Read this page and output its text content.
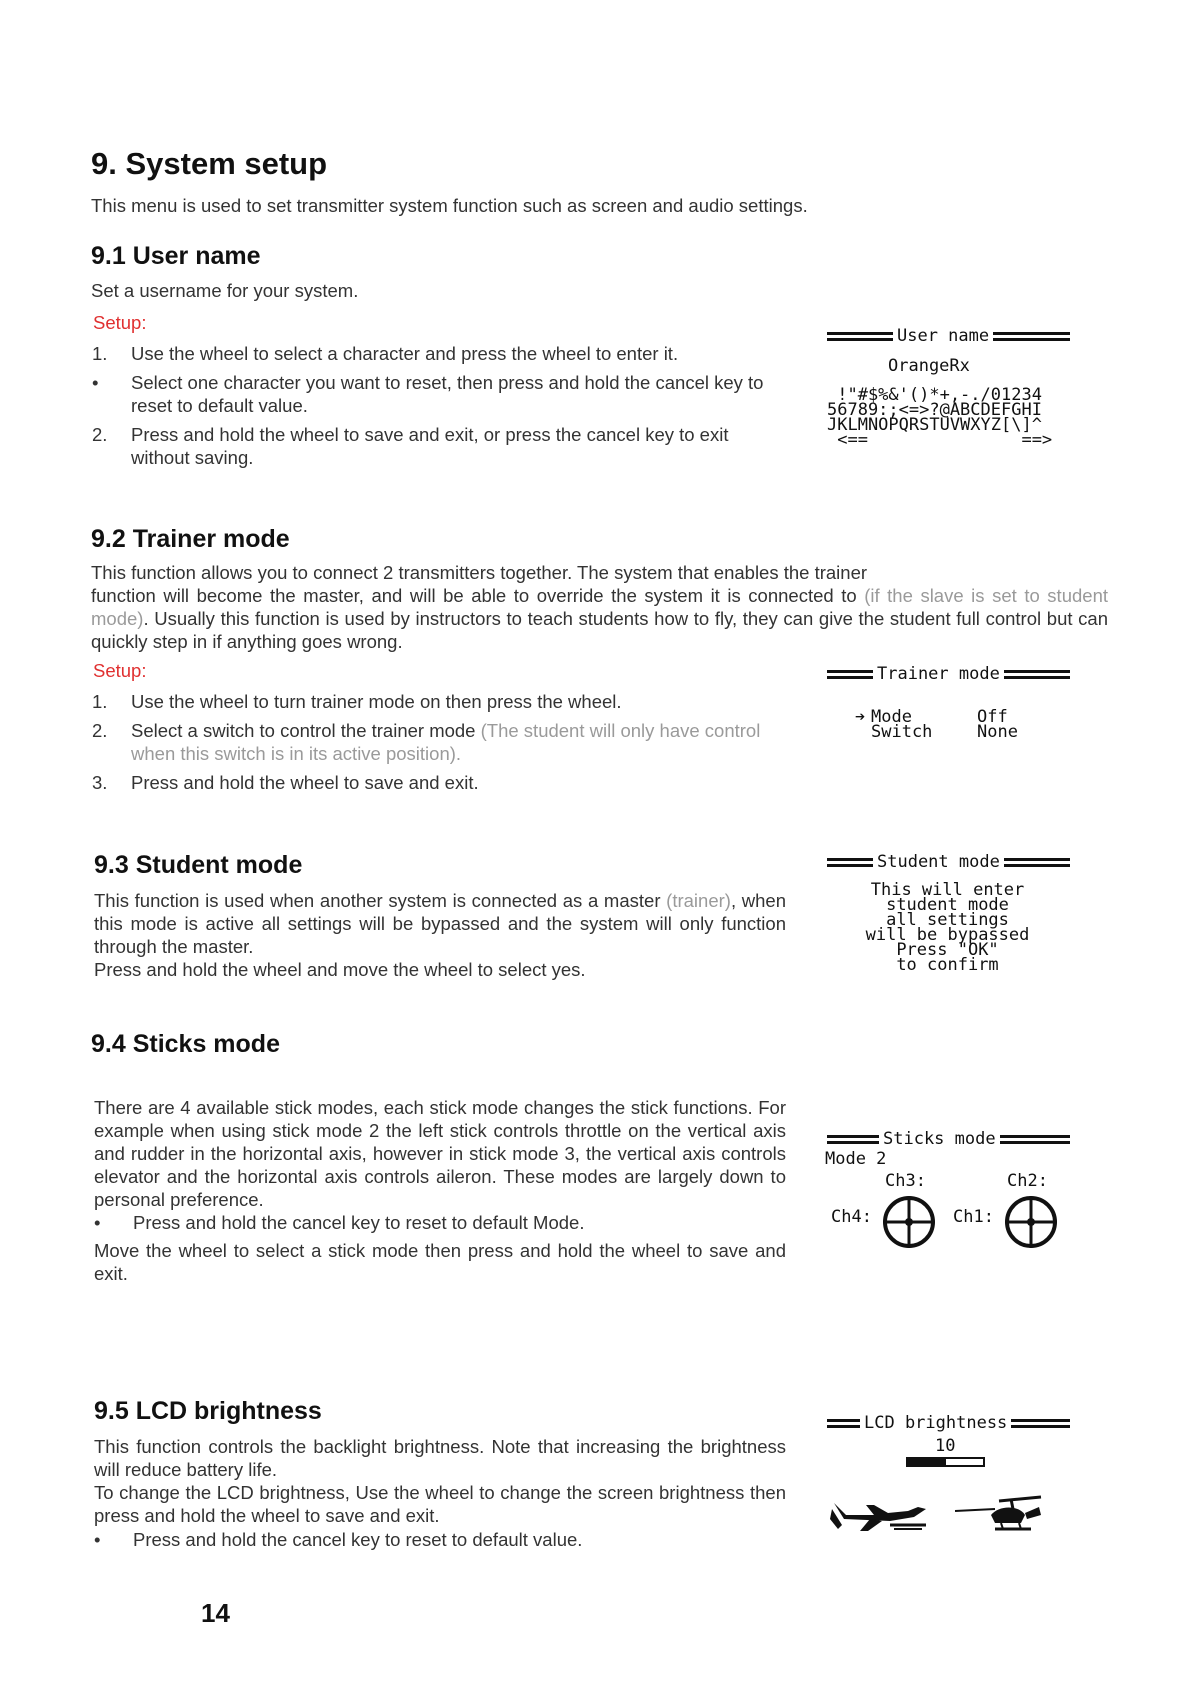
9. System setup
This menu is used to set transmitter system function such as screen and audio settings.
9.1 User name
Set a username for your system.
Setup:
1. Use the wheel to select a character and press the wheel to enter it.
• Select one character you want to reset, then press and hold the cancel key to reset to default value.
2. Press and hold the wheel to save and exit, or press the cancel key to exit without saving.
User name
OrangeRx
!"#$%&'()*+,-./01234
56789:;<=>?@ABCDEFGHI
JKLMNOPQRSTUVWXYZ[\]^
<==               ==>
9.2 Trainer mode
This function allows you to connect 2 transmitters together. The system that enables the trainer
function will become the master, and will be able to override the system it is connected to (if the slave is set to student mode). Usually this function is used by instructors to teach students how to fly, they can give the student full control but can quickly step in if anything goes wrong.
Setup:
1. Use the wheel to turn trainer mode on then press the wheel.
2. Select a switch to control the trainer mode (The student will only have control when this switch is in its active position).
3. Press and hold the wheel to save and exit.
Trainer mode
➔ Mode	Off
Switch	None
9.3 Student mode
This function is used when another system is connected as a master (trainer), when this mode is active all settings will be bypassed and the system will only function through the master.
Press and hold the wheel and move the wheel to select yes.
Student mode
This will enter
student mode
all settings
will be bypassed
Press "OK"
to confirm
9.4 Sticks mode
There are 4 available stick modes, each stick mode changes the stick functions. For example when using stick mode 2 the left stick controls throttle on the vertical axis and rudder in the horizontal axis, however in stick mode 3, the vertical axis controls elevator and the horizontal axis controls aileron. These modes are largely down to personal preference.
• Press and hold the cancel key to reset to default Mode.
Move the wheel to select a stick mode then press and hold the wheel to save and exit.
Sticks mode
Mode 2
Ch3:	Ch2:
Ch4:	Ch1:
9.5 LCD brightness
This function controls the backlight brightness. Note that increasing the brightness will reduce battery life.
To change the LCD brightness, Use the wheel to change the screen brightness then press and hold the wheel to save and exit.
• Press and hold the cancel key to reset to default value.
LCD brightness
10
14
